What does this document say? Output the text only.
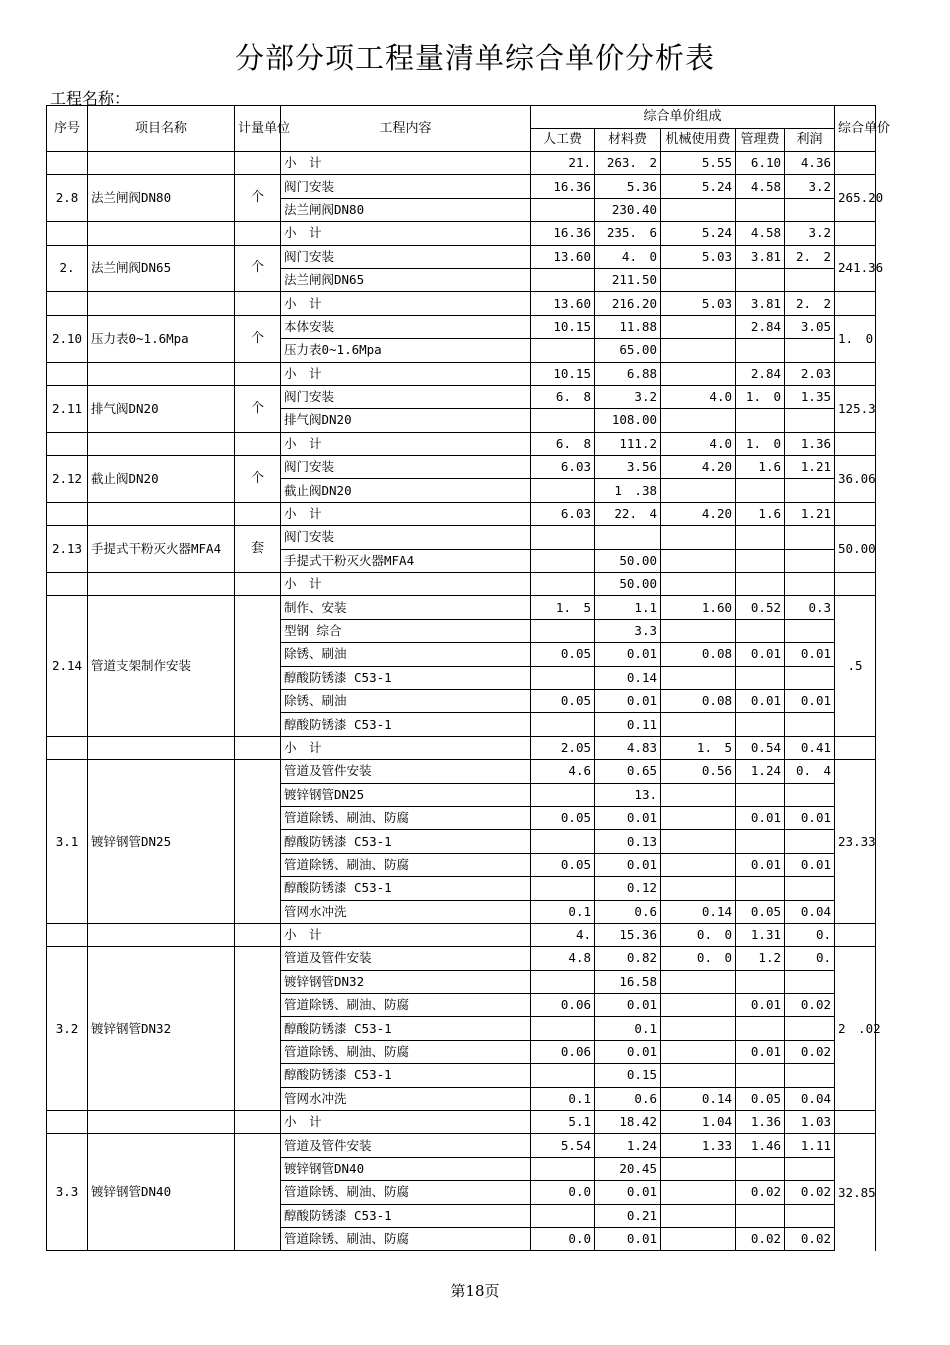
分部分项工程量清单综合单价分析表
工程名称：
序号	项目名称	计量单位	工程内容	综合单价组成					综合单价
				人工费	材料费	机械使用费	管理费	利润	
			小　计	21.	263.　2	5.55	6.10	4.36	
2.8	法兰闸阀DN80	个	阀门安装	16.36	5.36	5.24	4.58	3.2	265.20
			法兰闸阀DN80		230.40				
			小　计	16.36	235.　6	5.24	4.58	3.2	
2.	法兰闸阀DN65	个	阀门安装	13.60	4.　0	5.03	3.81	2.　2	241.36
			法兰闸阀DN65		211.50				
			小　计	13.60	216.20	5.03	3.81	2.　2	
2.10	压力表0~1.6Mpa	个	本体安装	10.15	11.88		2.84	3.05	1.　0
			压力表0~1.6Mpa		65.00				
			小　计	10.15	6.88		2.84	2.03	
2.11	排气阀DN20	个	阀门安装	6.　8	3.2	4.0	1.　0	1.35	125.3
			排气阀DN20		108.00				
			小　计	6.　8	111.2	4.0	1.　0	1.36	
2.12	截止阀DN20	个	阀门安装	6.03	3.56	4.20	1.6	1.21	36.06
			截止阀DN20		1　.38				
			小　计	6.03	22.　4	4.20	1.6	1.21	
2.13	手提式干粉灭火器MFA4	套	阀门安装						50.00
			手提式干粉灭火器MFA4		50.00				
			小　计		50.00				
2.14	管道支架制作安装		制作、安装	1.　5	1.1	1.60	0.52	0.3	.5
			型钢 综合		3.3				
			除锈、刷油	0.05	0.01	0.08	0.01	0.01	
			醇酸防锈漆 C53-1		0.14				
			除锈、刷油	0.05	0.01	0.08	0.01	0.01	
			醇酸防锈漆 C53-1		0.11				
			小　计	2.05	4.83	1.　5	0.54	0.41	
3.1	镀锌钢管DN25		管道及管件安装	4.6	0.65	0.56	1.24	0.　4	23.33
			镀锌钢管DN25		13.				
			管道除锈、刷油、防腐	0.05	0.01		0.01	0.01	
			醇酸防锈漆 C53-1		0.13				
			管道除锈、刷油、防腐	0.05	0.01		0.01	0.01	
			醇酸防锈漆 C53-1		0.12				
			管网水冲洗	0.1	0.6	0.14	0.05	0.04	
			小　计	4.	15.36	0.　0	1.31	0.	
3.2	镀锌钢管DN32		管道及管件安装	4.8	0.82	0.　0	1.2	0.	2　.02
			镀锌钢管DN32		16.58				
			管道除锈、刷油、防腐	0.06	0.01		0.01	0.02	
			醇酸防锈漆 C53-1		0.1				
			管道除锈、刷油、防腐	0.06	0.01		0.01	0.02	
			醇酸防锈漆 C53-1		0.15				
			管网水冲洗	0.1	0.6	0.14	0.05	0.04	
			小　计	5.1	18.42	1.04	1.36	1.03	
3.3	镀锌钢管DN40		管道及管件安装	5.54	1.24	1.33	1.46	1.11	32.85
			镀锌钢管DN40		20.45				
			管道除锈、刷油、防腐	0.0	0.01		0.02	0.02	
			醇酸防锈漆 C53-1		0.21				
			管道除锈、刷油、防腐	0.0	0.01		0.02	0.02	
第18页
